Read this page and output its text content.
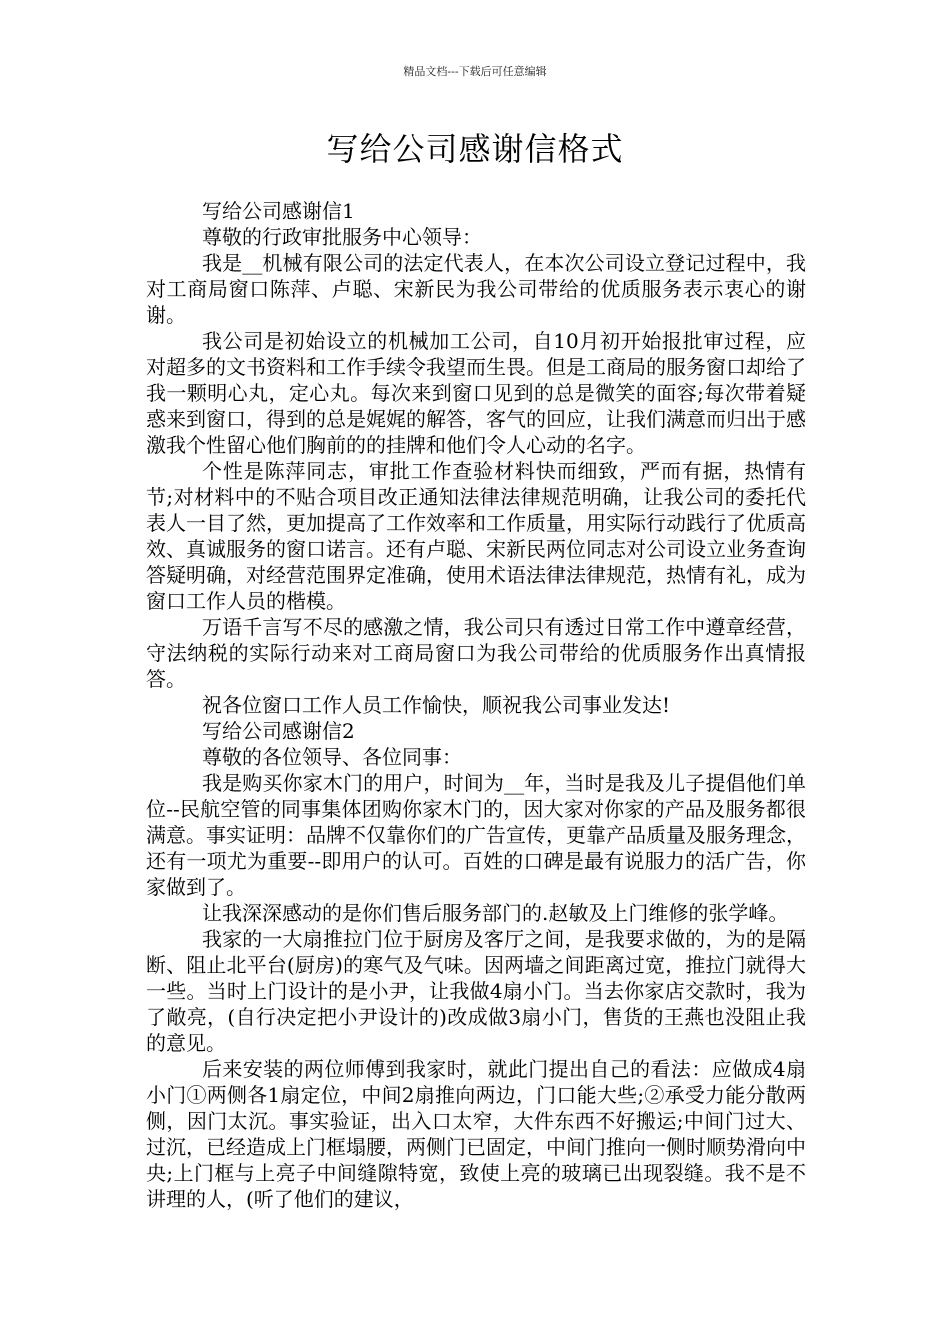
精品文档---下载后可任意编辑
写给公司感谢信格式

写给公司感谢信1

尊敬的行政审批服务中心领导：

我是__机械有限公司的法定代表人，在本次公司设立登记过程中，我对工商局窗口陈萍、卢聪、宋新民为我公司带给的优质服务表示衷心的谢谢。

我公司是初始设立的机械加工公司，自10月初开始报批审过程，应对超多的文书资料和工作手续令我望而生畏。但是工商局的服务窗口却给了我一颗明心丸，定心丸。每次来到窗口见到的总是微笑的面容;每次带着疑惑来到窗口，得到的总是娓娓的解答，客气的回应，让我们满意而归出于感激我个性留心他们胸前的的挂牌和他们令人心动的名字。

个性是陈萍同志，审批工作查验材料快而细致，严而有据，热情有节;对材料中的不贴合项目改正通知法律法律规范明确，让我公司的委托代表人一目了然，更加提高了工作效率和工作质量，用实际行动践行了优质高效、真诚服务的窗口诺言。还有卢聪、宋新民两位同志对公司设立业务查询答疑明确，对经营范围界定准确，使用术语法律法律规范，热情有礼，成为窗口工作人员的楷模。

万语千言写不尽的感激之情，我公司只有透过日常工作中遵章经营，守法纳税的实际行动来对工商局窗口为我公司带给的优质服务作出真情报答。

祝各位窗口工作人员工作愉快，顺祝我公司事业发达!

写给公司感谢信2

尊敬的各位领导、各位同事：

我是购买你家木门的用户，时间为__年，当时是我及儿子提倡他们单位--民航空管的同事集体团购你家木门的，因大家对你家的产品及服务都很满意。事实证明：品牌不仅靠你们的广告宣传，更靠产品质量及服务理念，还有一项尤为重要--即用户的认可。百姓的口碑是最有说服力的活广告，你家做到了。

让我深深感动的是你们售后服务部门的.赵敏及上门维修的张学峰。

我家的一大扇推拉门位于厨房及客厅之间，是我要求做的，为的是隔断、阻止北平台(厨房)的寒气及气味。因两墙之间距离过宽，推拉门就得大一些。当时上门设计的是小尹，让我做4扇小门。当去你家店交款时，我为了敞亮，(自行决定把小尹设计的)改成做3扇小门，售货的王燕也没阻止我的意见。

后来安装的两位师傅到我家时，就此门提出自己的看法：应做成4扇小门①两侧各1扇定位，中间2扇推向两边，门口能大些;②承受力能分散两侧，因门太沉。事实验证，出入口太窄，大件东西不好搬运;中间门过大、过沉，已经造成上门框塌腰，两侧门已固定，中间门推向一侧时顺势滑向中央;上门框与上亮子中间缝隙特宽，致使上亮的玻璃已出现裂缝。我不是不讲理的人，(听了他们的建议，
